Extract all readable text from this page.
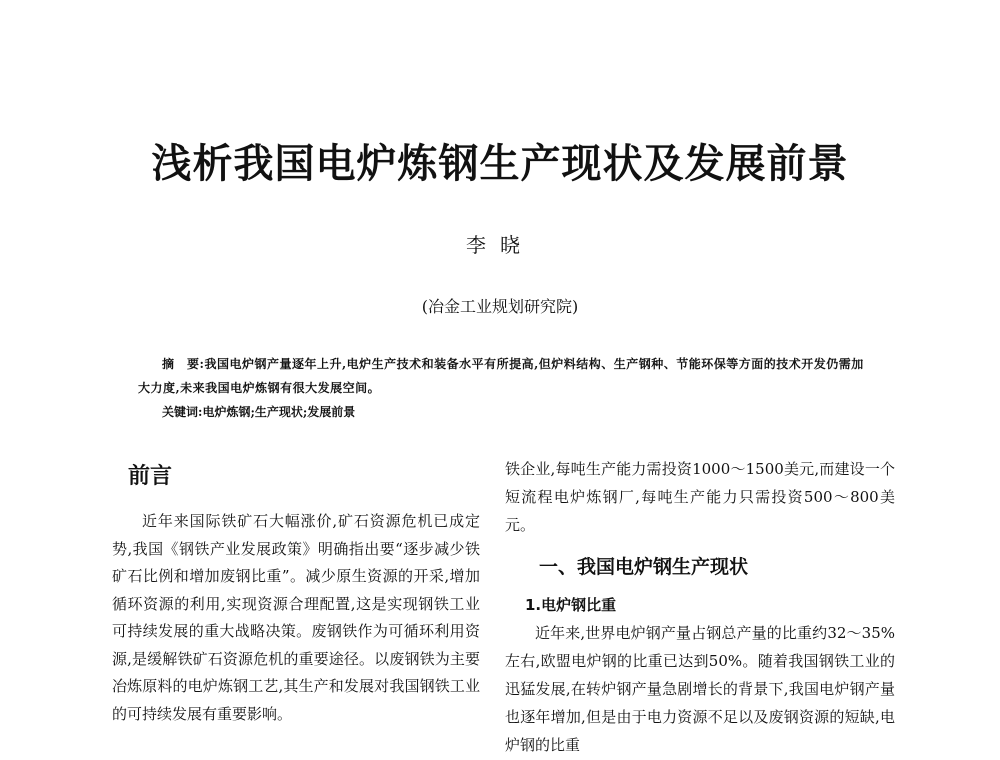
浅析我国电炉炼钢生产现状及发展前景
李晓
(冶金工业规划研究院)
摘　要:我国电炉钢产量逐年上升,电炉生产技术和装备水平有所提高,但炉料结构、生产钢种、节能环保等方面的技术开发仍需加大力度,未来我国电炉炼钢有很大发展空间。
关键词:电炉炼钢;生产现状;发展前景

前言

近年来国际铁矿石大幅涨价,矿石资源危机已成定势,我国《钢铁产业发展政策》明确指出要“逐步减少铁矿石比例和增加废钢比重”。减少原生资源的开采,增加循环资源的利用,实现资源合理配置,这是实现钢铁工业可持续发展的重大战略决策。废钢铁作为可循环利用资源,是缓解铁矿石资源危机的重要途径。以废钢铁为主要冶炼原料的电炉炼钢工艺,其生产和发展对我国钢铁工业的可持续发展有重要影响。

铁企业,每吨生产能力需投资1000～1500美元,而建设一个短流程电炉炼钢厂,每吨生产能力只需投资500～800美元。

一、我国电炉钢生产现状

1.电炉钢比重

近年来,世界电炉钢产量占钢总产量的比重约32～35%左右,欧盟电炉钢的比重已达到50%。随着我国钢铁工业的迅猛发展,在转炉钢产量急剧增长的背景下,我国电炉钢产量也逐年增加,但是由于电力资源不足以及废钢资源的短缺,电炉钢的比重
